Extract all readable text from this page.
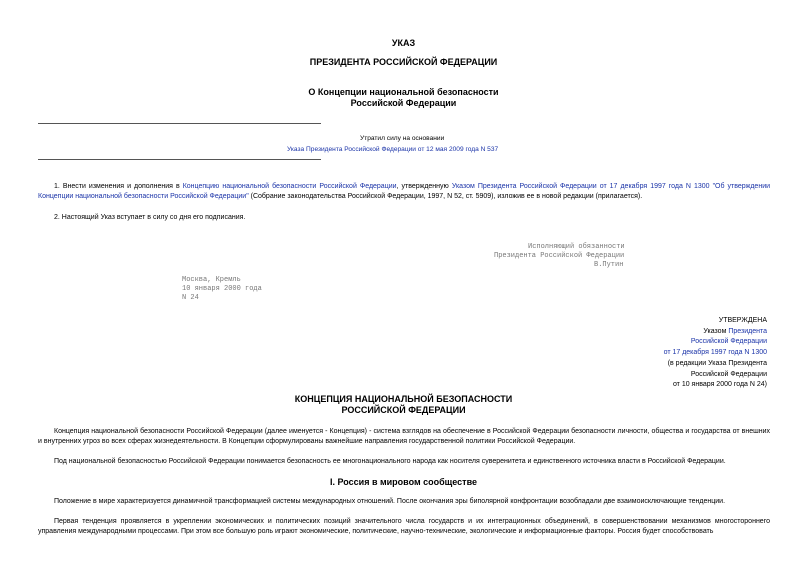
УКАЗ
ПРЕЗИДЕНТА РОССИЙСКОЙ ФЕДЕРАЦИИ
О Концепции национальной безопасности
Российской Федерации
Утратил силу на основании
Указа Президента Российской Федерации от 12 мая 2009 года N 537
1. Внести изменения и дополнения в Концепцию национальной безопасности Российской Федерации, утвержденную Указом Президента Российской Федерации от 17 декабря 1997 года N 1300 "Об утверждении Концепции национальной безопасности Российской Федерации" (Собрание законодательства Российской Федерации, 1997, N 52, ст. 5909), изложив ее в новой редакции (прилагается).
2. Настоящий Указ вступает в силу со дня его подписания.
Исполняющий обязанности
Президента Российской Федерации
В.Путин
Москва, Кремль
10 января 2000 года
N 24
УТВЕРЖДЕНА
Указом Президента
Российской Федерации
от 17 декабря 1997 года N 1300
(в редакции Указа Президента
Российской Федерации
от 10 января 2000 года N 24)
КОНЦЕПЦИЯ НАЦИОНАЛЬНОЙ БЕЗОПАСНОСТИ
РОССИЙСКОЙ ФЕДЕРАЦИИ
Концепция национальной безопасности Российской Федерации (далее именуется - Концепция) - система взглядов на обеспечение в Российской Федерации безопасности личности, общества и государства от внешних и внутренних угроз во всех сферах жизнедеятельности. В Концепции сформулированы важнейшие направления государственной политики Российской Федерации.
Под национальной безопасностью Российской Федерации понимается безопасность ее многонационального народа как носителя суверенитета и единственного источника власти в Российской Федерации.
I. Россия в мировом сообществе
Положение в мире характеризуется динамичной трансформацией системы международных отношений. После окончания эры биполярной конфронтации возобладали две взаимоисключающие тенденции.
Первая тенденция проявляется в укреплении экономических и политических позиций значительного числа государств и их интеграционных объединений, в совершенствовании механизмов многостороннего управления международными процессами. При этом все большую роль играют экономические, политические, научно-технические, экологические и информационные факторы. Россия будет способствовать
